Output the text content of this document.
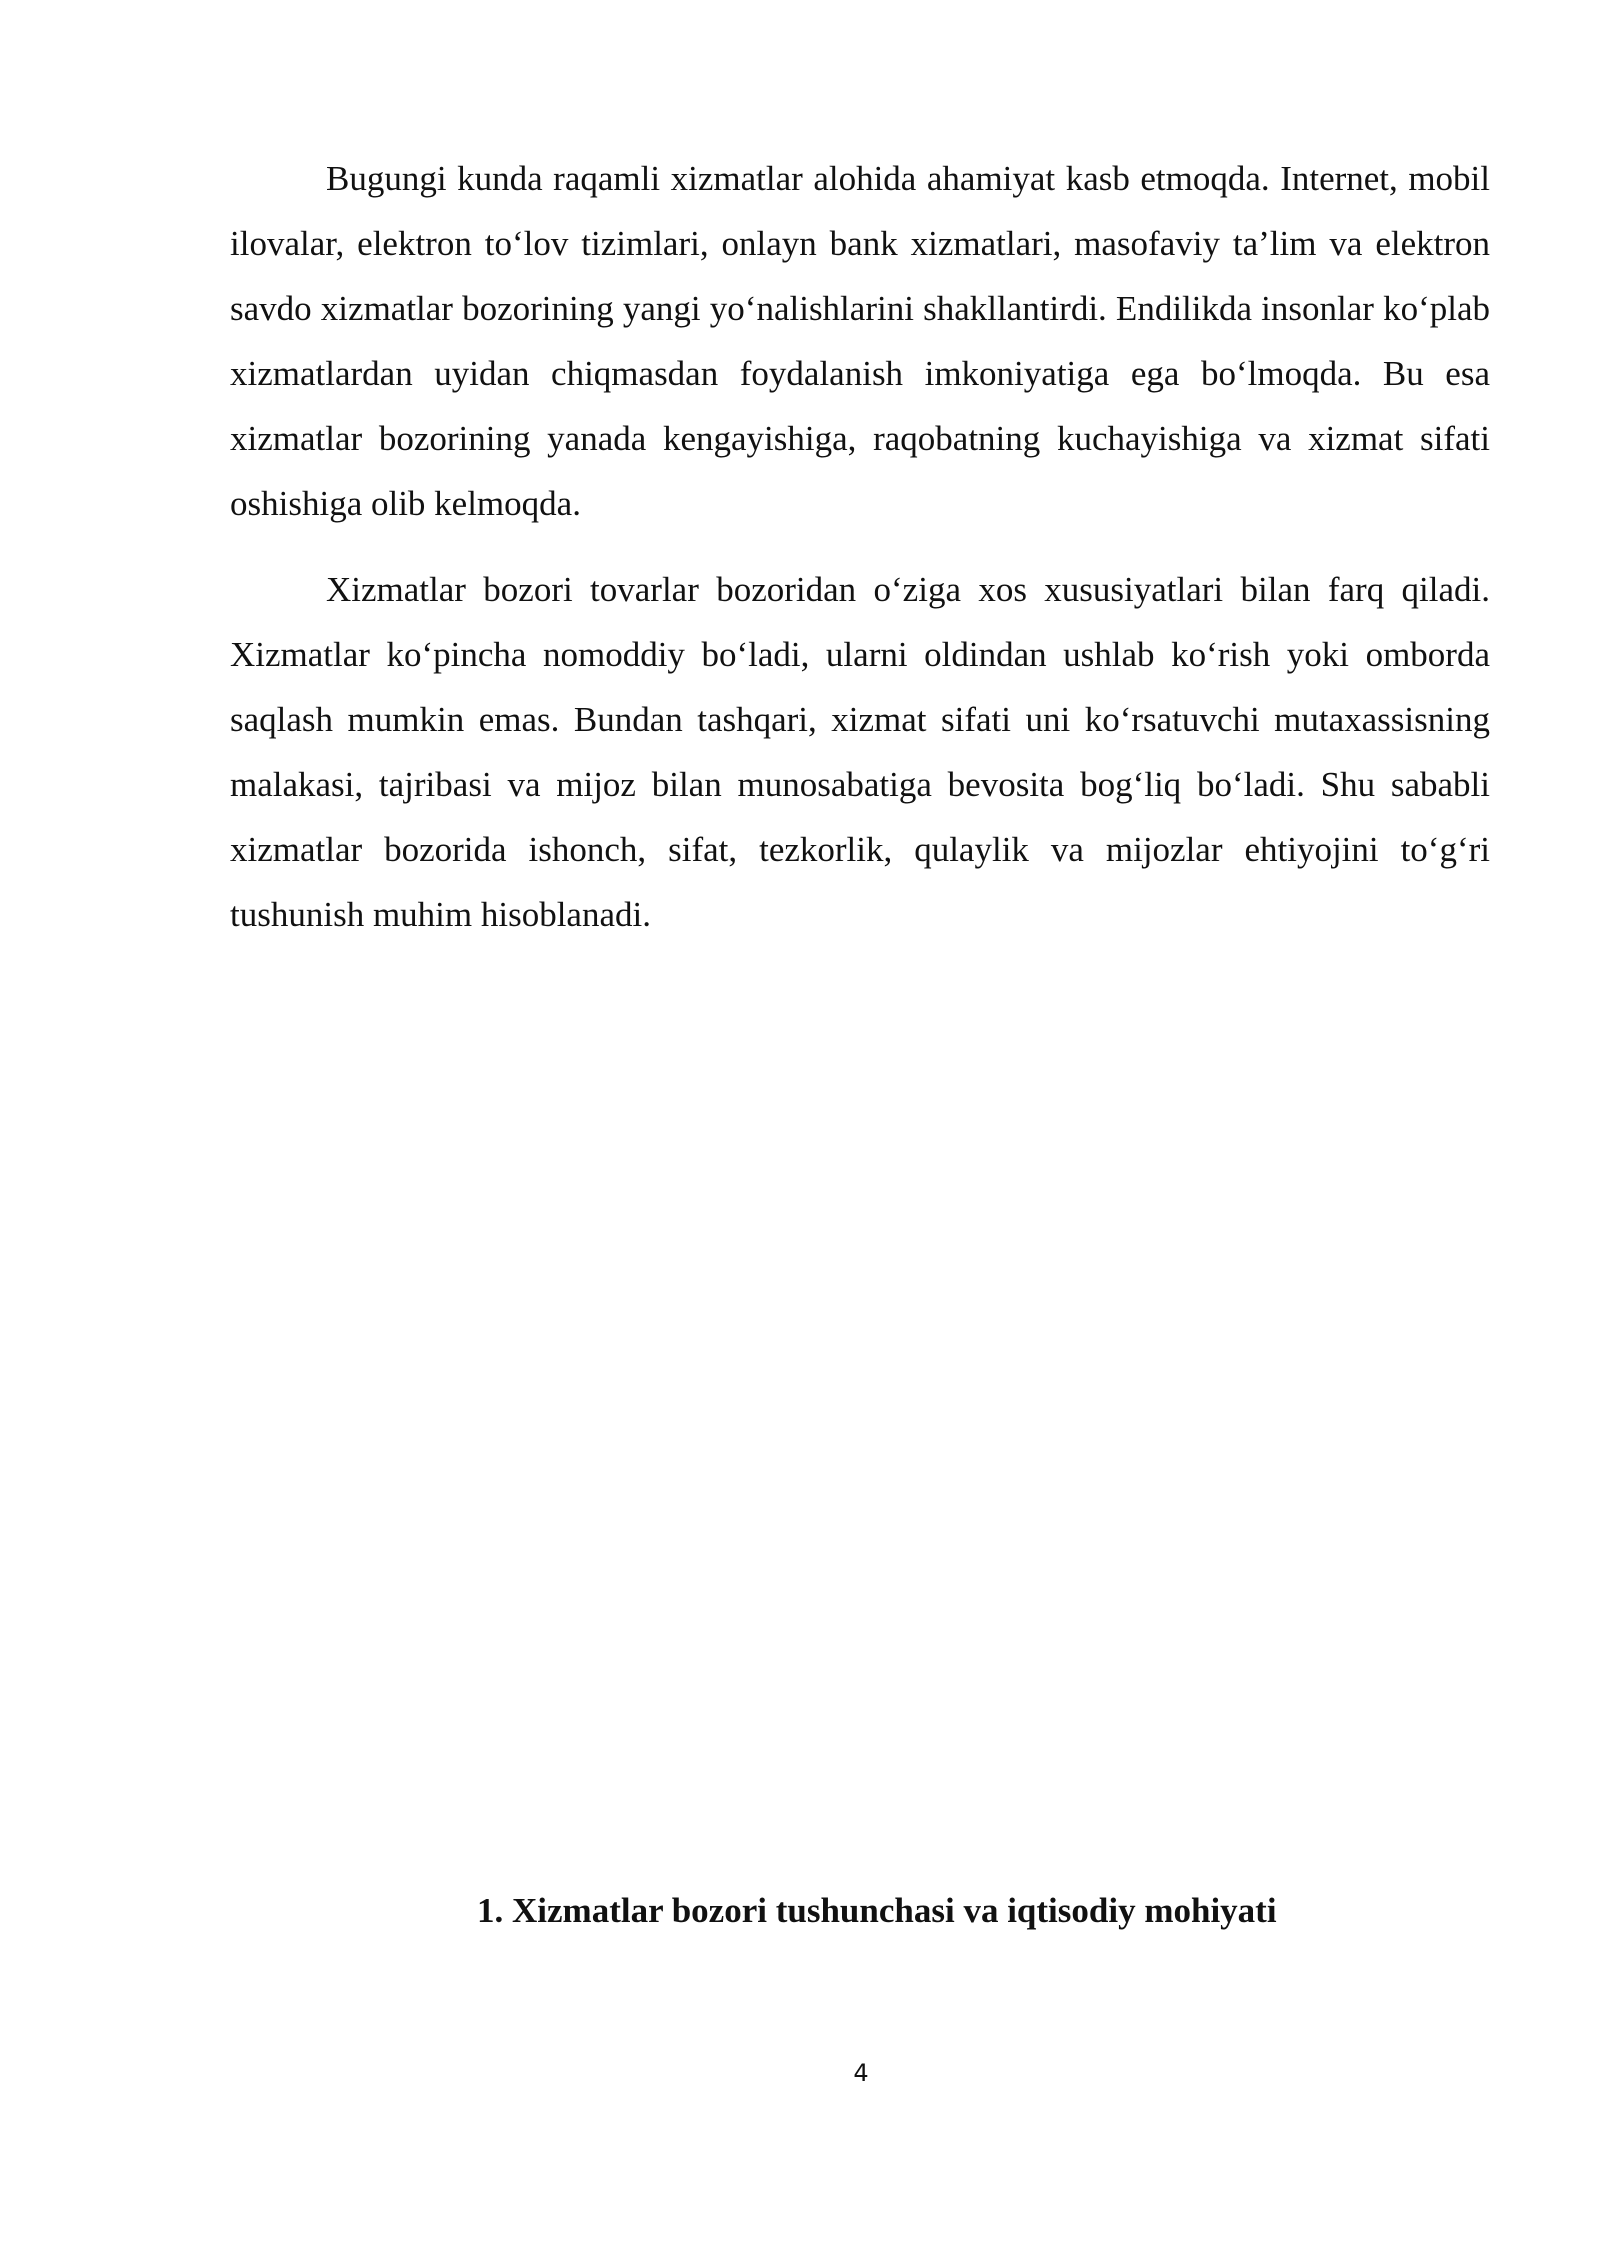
Bugungi kunda raqamli xizmatlar alohida ahamiyat kasb etmoqda. Internet, mobil ilovalar, elektron to‘lov tizimlari, onlayn bank xizmatlari, masofaviy ta’lim va elektron savdo xizmatlar bozorining yangi yo‘nalishlarini shakllantirdi. Endilikda insonlar ko‘plab xizmatlardan uyidan chiqmasdan foydalanish imkoniyatiga ega bo‘lmoqda. Bu esa xizmatlar bozorining yanada kengayishiga, raqobatning kuchayishiga va xizmat sifati oshishiga olib kelmoqda.

Xizmatlar bozori tovarlar bozoridan o‘ziga xos xususiyatlari bilan farq qiladi. Xizmatlar ko‘pincha nomoddiy bo‘ladi, ularni oldindan ushlab ko‘rish yoki omborda saqlash mumkin emas. Bundan tashqari, xizmat sifati uni ko‘rsatuvchi mutaxassisning malakasi, tajribasi va mijoz bilan munosabatiga bevosita bog‘liq bo‘ladi. Shu sababli xizmatlar bozorida ishonch, sifat, tezkorlik, qulaylik va mijozlar ehtiyojini to‘g‘ri tushunish muhim hisoblanadi.

1. Xizmatlar bozori tushunchasi va iqtisodiy mohiyati
4
